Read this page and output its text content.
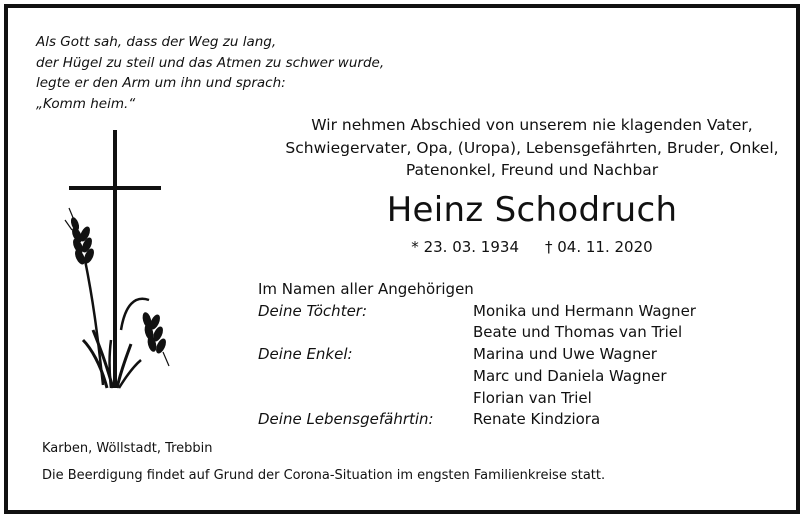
Als Gott sah, dass der Weg zu lang,
der Hügel zu steil und das Atmen zu schwer wurde,
legte er den Arm um ihn und sprach:
„Komm heim.“
Wir nehmen Abschied von unserem nie klagenden Vater,
Schwiegervater, Opa, (Uropa), Lebensgefährten, Bruder, Onkel,
Patenonkel, Freund und Nachbar
Heinz Schodruch
* 23. 03. 1934 † 04. 11. 2020
Im Namen aller Angehörigen
Deine Töchter:	Monika und Hermann Wagner
Beate und Thomas van Triel
Deine Enkel:	Marina und Uwe Wagner
Marc und Daniela Wagner
Florian van Triel
Deine Lebensgefährtin:	Renate Kindziora
Karben, Wöllstadt, Trebbin
Die Beerdigung findet auf Grund der Corona-Situation im engsten Familienkreise statt.
